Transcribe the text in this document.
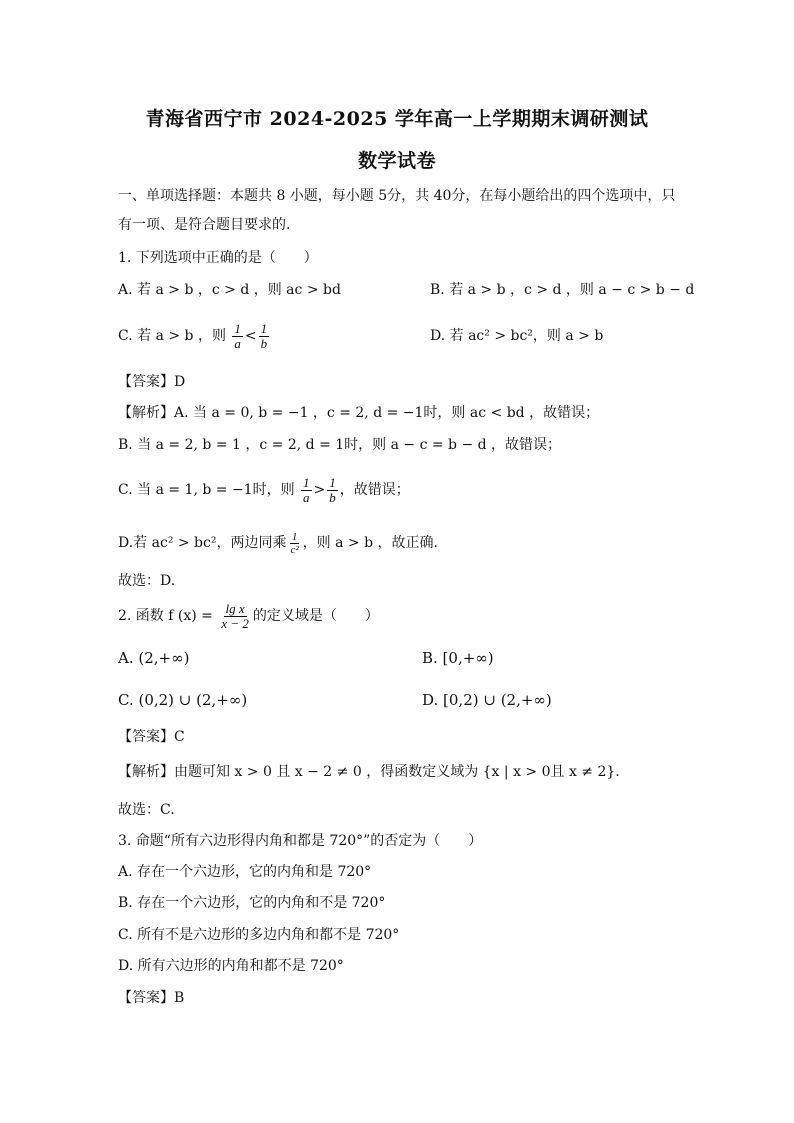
青海省西宁市 2024-2025 学年高一上学期期末调研测试
数学试卷
一、单项选择题：本题共 8 小题，每小题 5分，共 40分，在每小题给出的四个选项中，只
有一项、是符合题目要求的.
1. 下列选项中正确的是（　　）
A. 若 a > b ，c > d ，则 ac > bd	B. 若 a > b ，c > d ，则 a − c > b − d
C. 若 a > b ，则 $\frac{1}{a} < \frac{1}{b}$	D. 若 ac² > bc²，则 a > b
【答案】D
【解析】A. 当 a = 0, b = −1 ，c = 2, d = −1时，则 ac < bd ，故错误；
B. 当 a = 2, b = 1 ，c = 2, d = 1时，则 a − c = b − d ，故错误；
C. 当 a = 1, b = −1时，则 $\frac{1}{a} > \frac{1}{b}$ ，故错误；
D.若 ac² > bc²，两边同乘 $\frac{1}{\text{c²}}$ ，则 a > b ，故正确.
故选：D.
2. 函数 f $(x) = \frac{\text{lg x}}{x - 2}$ 的定义域是（　　）
A. (2,+∞)	B. [0,+∞)
C. (0,2) ∪ (2,+∞)	D. [0,2) ∪ (2,+∞)
【答案】C
【解析】由题可知 x > 0 且 x − 2 ≠ 0 ，得函数定义域为 {x | x > 0且 x ≠ 2}.
故选：C.
3. 命题“所有六边形得内角和都是 720°”的否定为（　　）
A. 存在一个六边形，它的内角和是 720°
B. 存在一个六边形，它的内角和不是 720°
C. 所有不是六边形的多边内角和都不是 720°
D. 所有六边形的内角和都不是 720°
【答案】B
